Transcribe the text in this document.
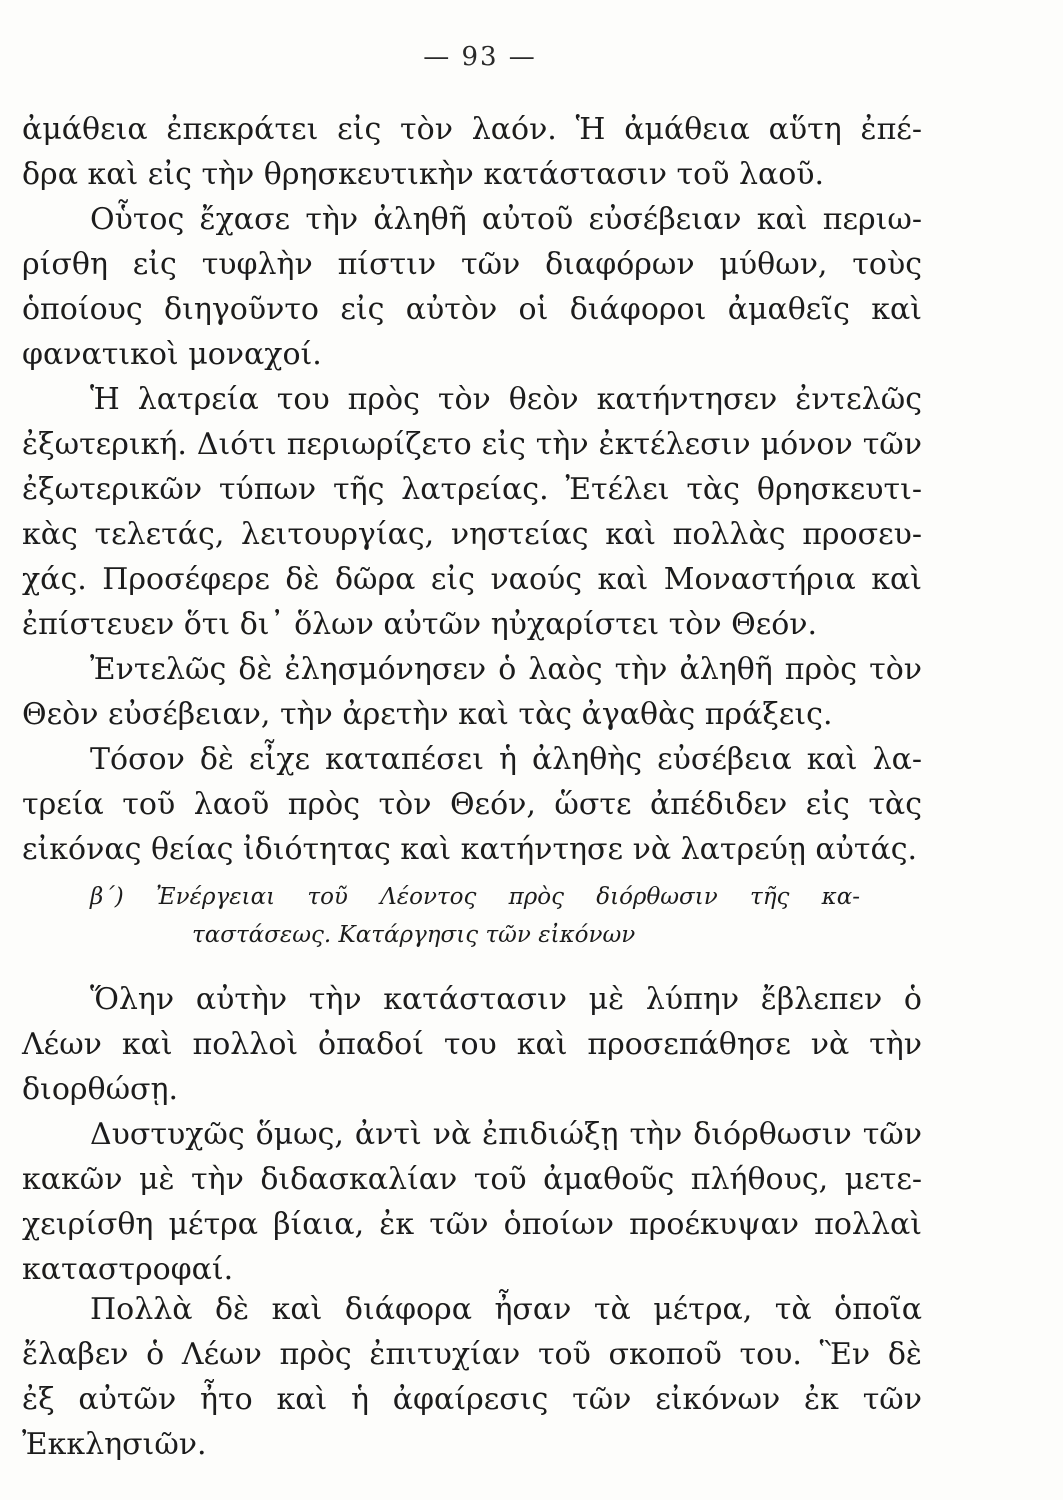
— 93 —
ἀμάθεια ἐπεκράτει εἰς τὸν λαόν. Ἡ ἀμάθεια αὕτη ἐπέ-
δρα καὶ εἰς τὴν θρησκευτικὴν κατάστασιν τοῦ λαοῦ.
Οὗτος ἔχασε τὴν ἀληθῆ αὐτοῦ εὐσέβειαν καὶ περιω-
ρίσθη εἰς τυφλὴν πίστιν τῶν διαφόρων μύθων, τοὺς
ὁποίους διηγοῦντο εἰς αὐτὸν οἱ διάφοροι ἀμαθεῖς καὶ
φανατικοὶ μοναχοί.
Ἡ λατρεία του πρὸς τὸν θεὸν κατήντησεν ἐντελῶς
ἐξωτερική. Διότι περιωρίζετο εἰς τὴν ἐκτέλεσιν μόνον τῶν
ἐξωτερικῶν τύπων τῆς λατρείας. Ἐτέλει τὰς θρησκευτι-
κὰς τελετάς, λειτουργίας, νηστείας καὶ πολλὰς προσευ-
χάς. Προσέφερε δὲ δῶρα εἰς ναούς καὶ Μοναστήρια καὶ
ἐπίστευεν ὅτι δι᾿ ὅλων αὐτῶν ηὐχαρίστει τὸν Θεόν.
Ἐντελῶς δὲ ἐλησμόνησεν ὁ λαὸς τὴν ἀληθῆ πρὸς τὸν
Θεὸν εὐσέβειαν, τὴν ἀρετὴν καὶ τὰς ἀγαθὰς πράξεις.
Τόσον δὲ εἶχε καταπέσει ἡ ἀληθὴς εὐσέβεια καὶ λα-
τρεία τοῦ λαοῦ πρὸς τὸν Θεόν, ὥστε ἀπέδιδεν εἰς τὰς
εἰκόνας θείας ἰδιότητας καὶ κατήντησε νὰ λατρεύῃ αὐτάς.
β΄) Ἐνέργειαι τοῦ Λέοντος πρὸς διόρθωσιν τῆς κα-
ταστάσεως. Κατάργησις τῶν εἰκόνων
Ὅλην αὐτὴν τὴν κατάστασιν μὲ λύπην ἔβλεπεν ὁ
Λέων καὶ πολλοὶ ὀπαδοί του καὶ προσεπάθησε νὰ τὴν
διορθώσῃ.
Δυστυχῶς ὅμως, ἀντὶ νὰ ἐπιδιώξῃ τὴν διόρθωσιν τῶν
κακῶν μὲ τὴν διδασκαλίαν τοῦ ἀμαθοῦς πλήθους, μετε-
χειρίσθη μέτρα βίαια, ἐκ τῶν ὁποίων προέκυψαν πολλαὶ
καταστροφαί.
Πολλὰ δὲ καὶ διάφορα ἦσαν τὰ μέτρα, τὰ ὁποῖα
ἔλαβεν ὁ Λέων πρὸς ἐπιτυχίαν τοῦ σκοποῦ του. Ἓν δὲ
ἐξ αὐτῶν ἦτο καὶ ἡ ἀφαίρεσις τῶν εἰκόνων ἐκ τῶν
Ἐκκλησιῶν.
